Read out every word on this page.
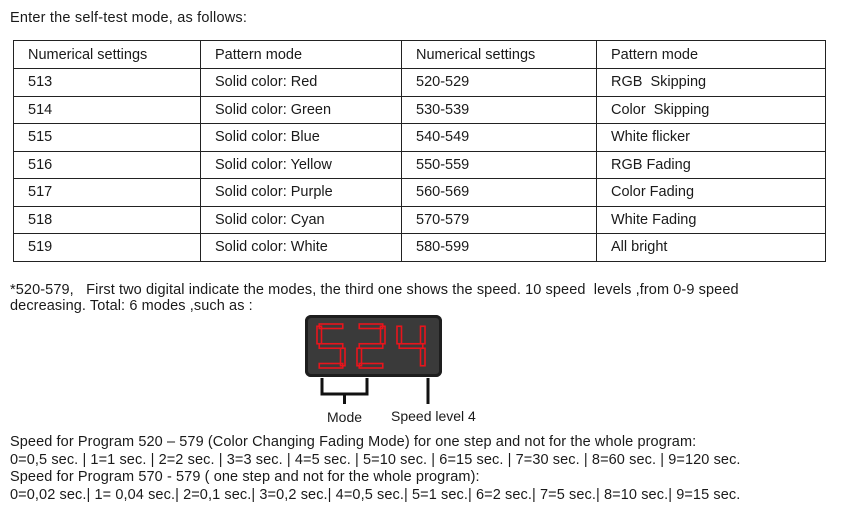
Enter the self-test mode, as follows:
Numerical settings	Pattern mode	Numerical settings	Pattern mode
513	Solid color: Red	520-529	RGB  Skipping
514	Solid color: Green	530-539	Color  Skipping
515	Solid color: Blue	540-549	White flicker
516	Solid color: Yellow	550-559	RGB Fading
517	Solid color: Purple	560-569	Color Fading
518	Solid color: Cyan	570-579	White Fading
519	Solid color: White	580-599	All bright
*520-579,   First two digital indicate the modes, the third one shows the speed. 10 speed  levels ,from 0-9 speed
decreasing. Total: 6 modes ,such as :
Mode Speed level 4
Speed for Program 520 – 579 (Color Changing Fading Mode) for one step and not for the whole program:
0=0,5 sec. | 1=1 sec. | 2=2 sec. | 3=3 sec. | 4=5 sec. | 5=10 sec. | 6=15 sec. | 7=30 sec. | 8=60 sec. | 9=120 sec.
Speed for Program 570 - 579 ( one step and not for the whole program):
0=0,02 sec.| 1= 0,04 sec.| 2=0,1 sec.| 3=0,2 sec.| 4=0,5 sec.| 5=1 sec.| 6=2 sec.| 7=5 sec.| 8=10 sec.| 9=15 sec.
